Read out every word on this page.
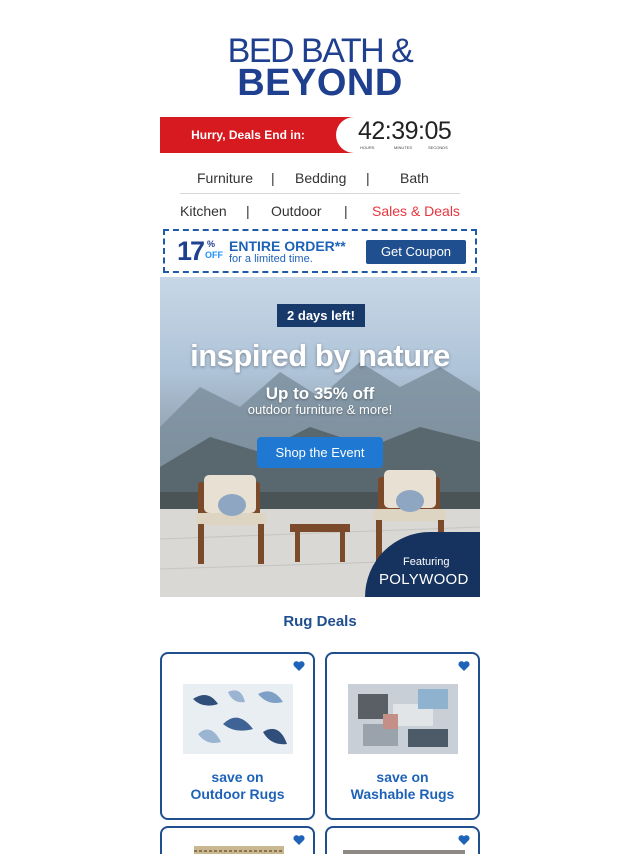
BED BATH &
BEYOND
Hurry, Deals End in:	42:39:05
HOURS	MINUTES	SECONDS
Furniture | Bedding | Bath
Kitchen | Outdoor | Sales & Deals
17 %
OFF
ENTIRE ORDER**
for a limited time.	Get Coupon
2 days left!
inspired by nature
Up to 35% off
outdoor furniture & more!
Shop the Event
Featuring
POLYWOOD
Rug Deals
save on
Outdoor Rugs
save on
Washable Rugs
